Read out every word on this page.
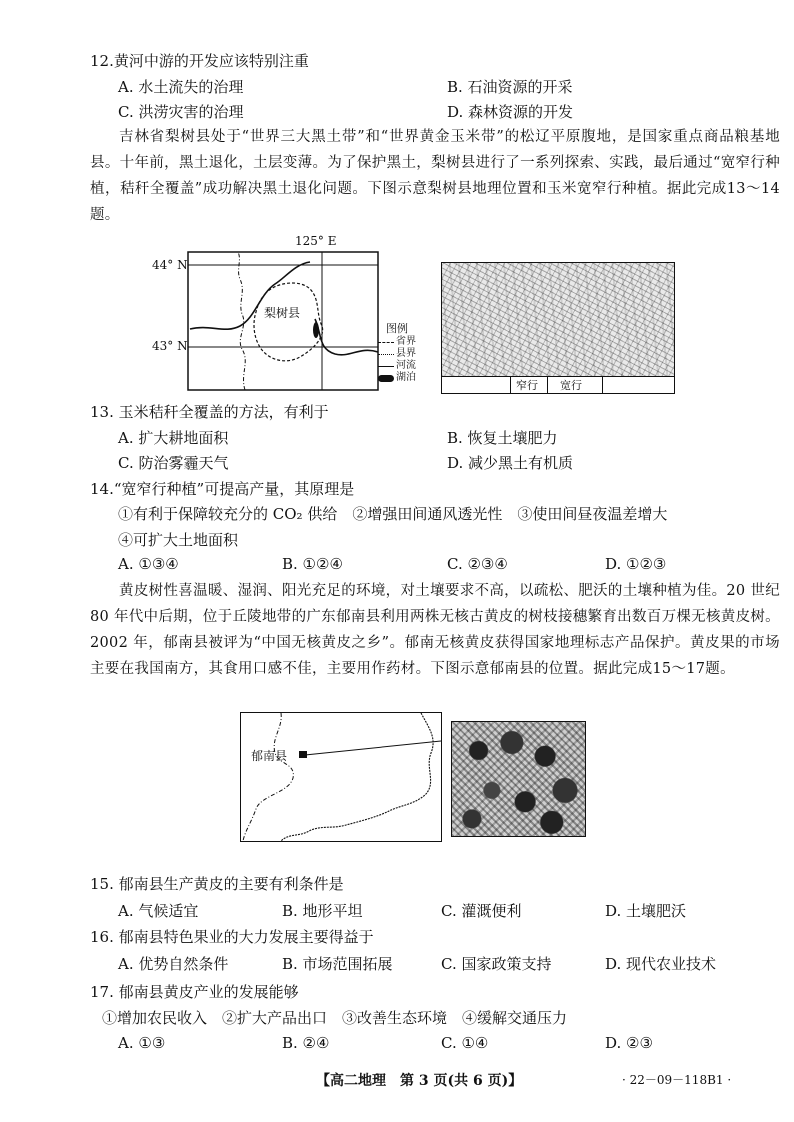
12.黄河中游的开发应该特别注重
A. 水土流失的治理	B. 石油资源的开采
C. 洪涝灾害的治理	D. 森林资源的开发
吉林省梨树县处于“世界三大黑土带”和“世界黄金玉米带”的松辽平原腹地，是国家重点商品粮基地县。十年前，黑土退化，土层变薄。为了保护黑土，梨树县进行了一系列探索、实践，最后通过“宽窄行种植，秸秆全覆盖”成功解决黑土退化问题。下图示意梨树县地理位置和玉米宽窄行种植。据此完成13～14题。
125° E
44° N
43° N
梨树县
图例
省界
县界
河流
湖泊
窄行 宽行
13. 玉米秸秆全覆盖的方法，有利于
A. 扩大耕地面积	B. 恢复土壤肥力
C. 防治雾霾天气	D. 减少黑土有机质
14.“宽窄行种植”可提高产量，其原理是
①有利于保障较充分的 CO₂ 供给　②增强田间通风透光性　③使田间昼夜温差增大
④可扩大土地面积
A. ①③④	B. ①②④	C. ②③④	D. ①②③
黄皮树性喜温暖、湿润、阳光充足的环境，对土壤要求不高，以疏松、肥沃的土壤种植为佳。20 世纪 80 年代中后期，位于丘陵地带的广东郁南县利用两株无核古黄皮的树枝接穗繁育出数百万棵无核黄皮树。2002 年，郁南县被评为“中国无核黄皮之乡”。郁南无核黄皮获得国家地理标志产品保护。黄皮果的市场主要在我国南方，其食用口感不佳，主要用作药材。下图示意郁南县的位置。据此完成15～17题。
郁南县
15. 郁南县生产黄皮的主要有利条件是
A. 气候适宜	B. 地形平坦	C. 灌溉便利	D. 土壤肥沃
16. 郁南县特色果业的大力发展主要得益于
A. 优势自然条件	B. 市场范围拓展	C. 国家政策支持	D. 现代农业技术
17. 郁南县黄皮产业的发展能够
①增加农民收入　②扩大产品出口　③改善生态环境　④缓解交通压力
A. ①③	B. ②④	C. ①④	D. ②③
【高二地理　第 3 页(共 6 页)】	· 22－09－118B1 ·
